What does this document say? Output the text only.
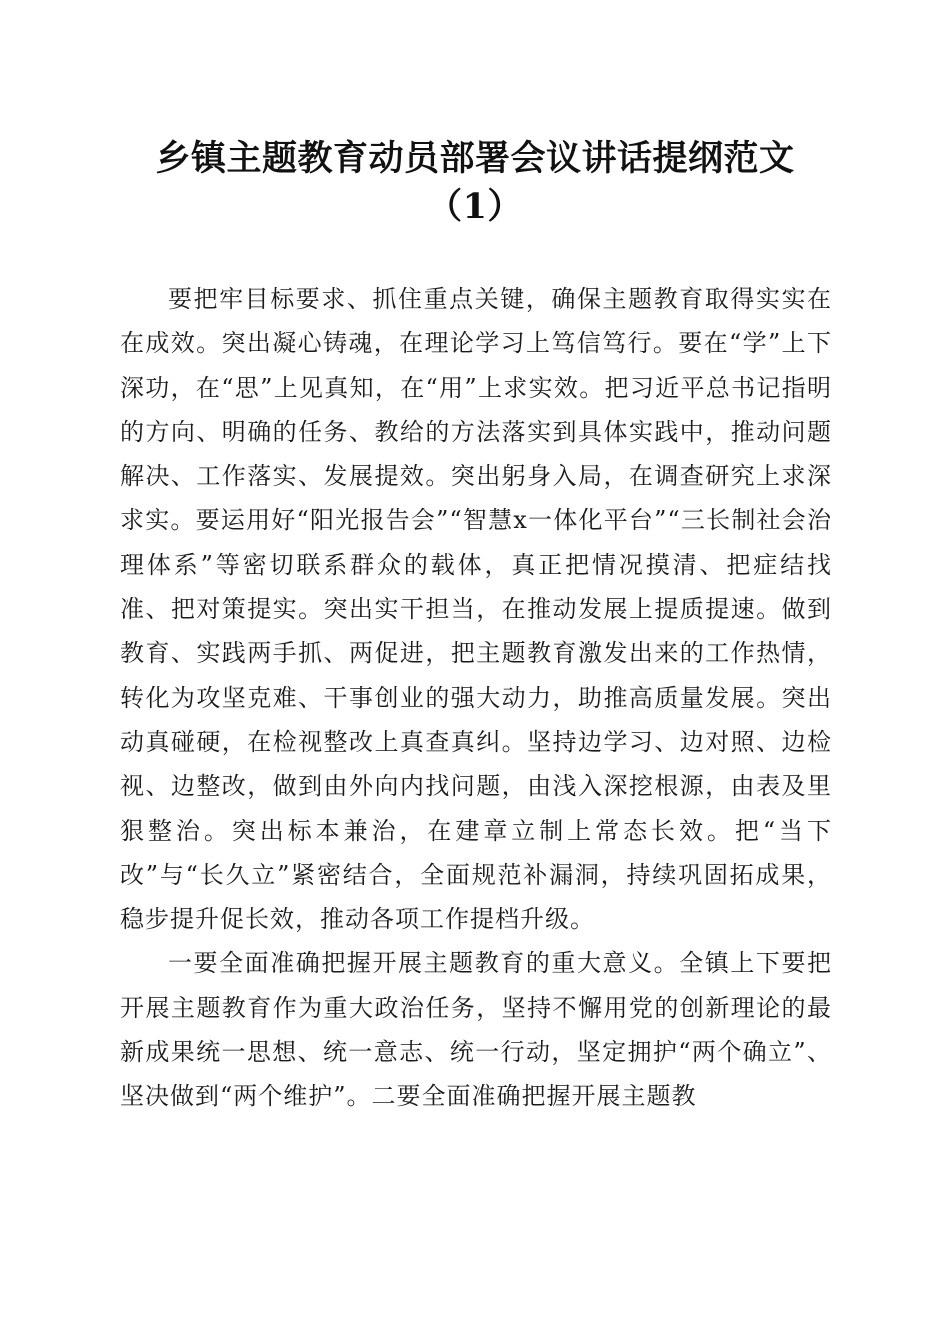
乡镇主题教育动员部署会议讲话提纲范文
（1）

要把牢目标要求、抓住重点关键，确保主题教育取得实实在在成效。突出凝心铸魂，在理论学习上笃信笃行。要在“学”上下深功，在“思”上见真知，在“用”上求实效。把习近平总书记指明的方向、明确的任务、教给的方法落实到具体实践中，推动问题解决、工作落实、发展提效。突出躬身入局，在调查研究上求深求实。要运用好“阳光报告会”“智慧x一体化平台”“三长制社会治理体系”等密切联系群众的载体，真正把情况摸清、把症结找准、把对策提实。突出实干担当，在推动发展上提质提速。做到教育、实践两手抓、两促进，把主题教育激发出来的工作热情，转化为攻坚克难、干事创业的强大动力，助推高质量发展。突出动真碰硬，在检视整改上真查真纠。坚持边学习、边对照、边检视、边整改，做到由外向内找问题，由浅入深挖根源，由表及里狠整治。突出标本兼治，在建章立制上常态长效。把“当下改”与“长久立”紧密结合，全面规范补漏洞，持续巩固拓成果，稳步提升促长效，推动各项工作提档升级。

一要全面准确把握开展主题教育的重大意义。全镇上下要把开展主题教育作为重大政治任务，坚持不懈用党的创新理论的最新成果统一思想、统一意志、统一行动，坚定拥护“两个确立”、坚决做到“两个维护”。二要全面准确把握开展主题教
